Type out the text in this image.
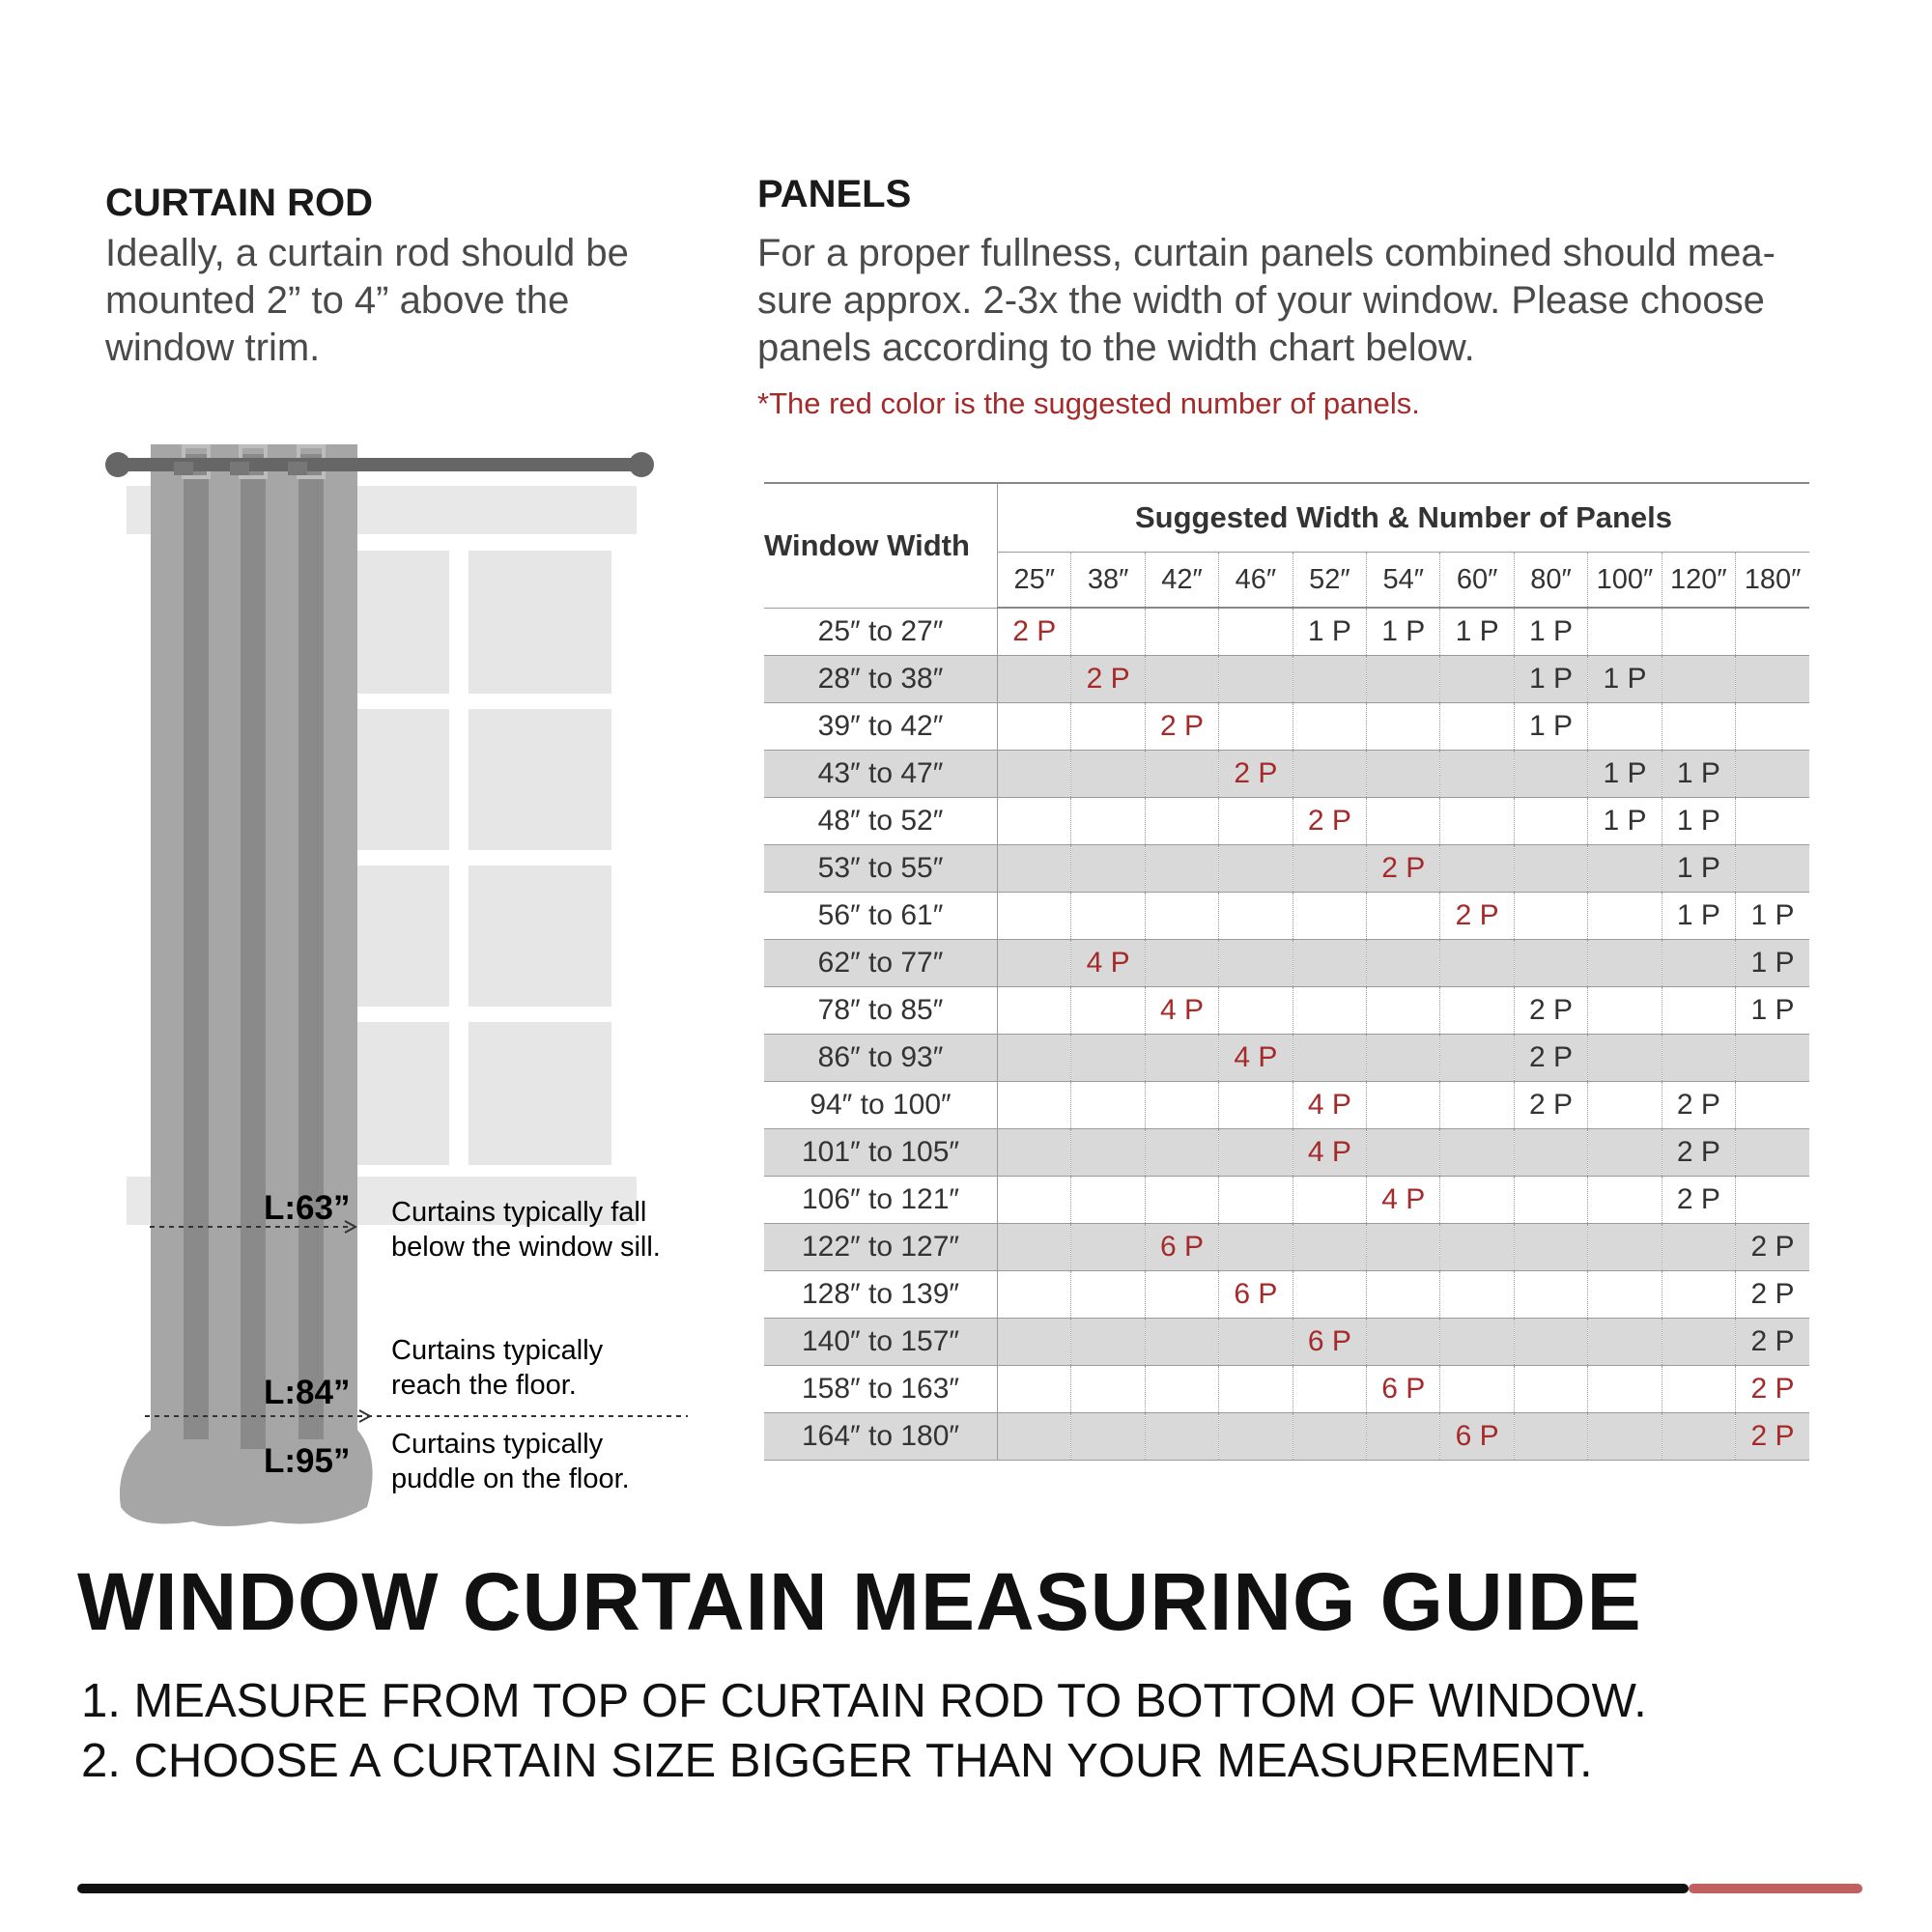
CURTAIN ROD
Ideally, a curtain rod should be
mounted 2” to 4” above the
window trim.
PANELS
For a proper fullness, curtain panels combined should mea-
sure approx. 2-3x the width of your window. Please choose
panels according to the width chart below.
*The red color is the suggested number of panels.
L:63”
L:84”
L:95”
Curtains typically fall
below the window sill.
Curtains typically
reach the floor.
Curtains typically
puddle on the floor.
Window Width	Suggested Width & Number of Panels										
	25″	38″	42″	46″	52″	54″	60″	80″	100″	120″	180″
25″ to 27″	2 P				1 P	1 P	1 P	1 P			
28″ to 38″		2 P						1 P	1 P		
39″ to 42″			2 P					1 P			
43″ to 47″				2 P					1 P	1 P	
48″ to 52″					2 P				1 P	1 P	
53″ to 55″						2 P				1 P	
56″ to 61″							2 P			1 P	1 P
62″ to 77″		4 P									1 P
78″ to 85″			4 P					2 P			1 P
86″ to 93″				4 P				2 P			
94″ to 100″					4 P			2 P		2 P	
101″ to 105″					4 P					2 P	
106″ to 121″						4 P				2 P	
122″ to 127″			6 P								2 P
128″ to 139″				6 P							2 P
140″ to 157″					6 P						2 P
158″ to 163″						6 P					2 P
164″ to 180″							6 P				2 P
WINDOW CURTAIN MEASURING GUIDE
1. MEASURE FROM TOP OF CURTAIN ROD TO BOTTOM OF WINDOW.
2. CHOOSE A CURTAIN SIZE BIGGER THAN YOUR MEASUREMENT.
